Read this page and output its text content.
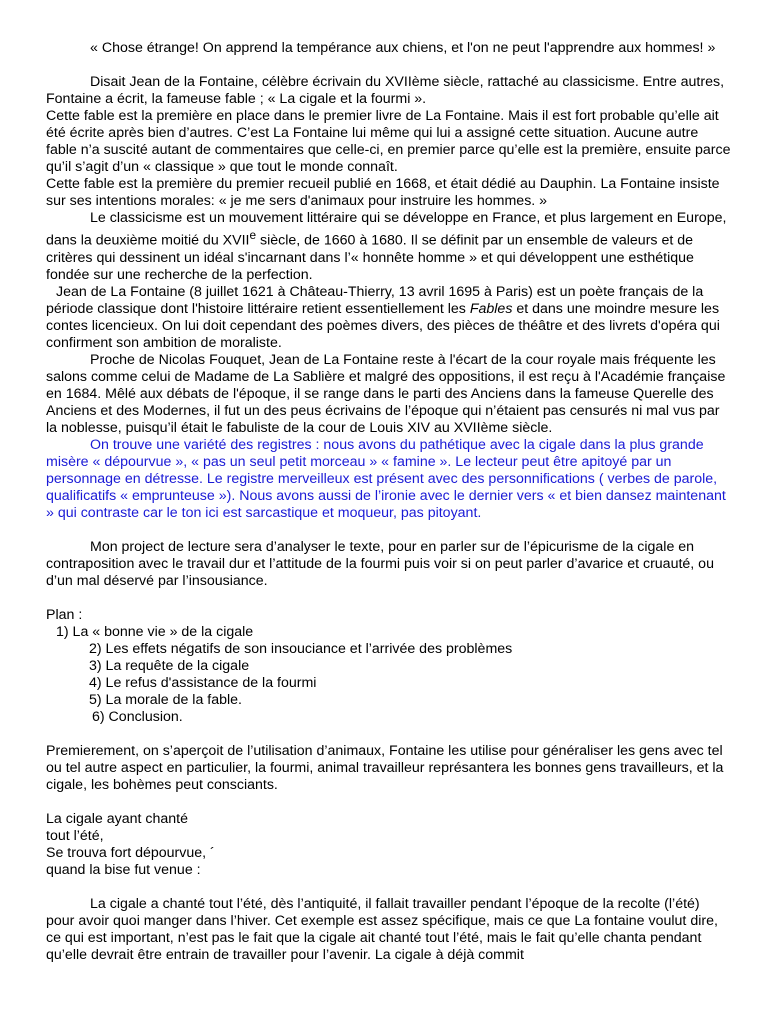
« Chose étrange! On apprend la tempérance aux chiens, et l'on ne peut l'apprendre aux hommes! »

Disait Jean de la Fontaine, célèbre écrivain du XVIIème siècle, rattaché au classicisme. Entre autres, Fontaine a écrit, la fameuse fable ; « La cigale et la fourmi ».

Cette fable est la première en place dans le premier livre de La Fontaine. Mais il est fort probable qu’elle ait été écrite après bien d’autres. C’est La Fontaine lui même qui lui a assigné cette situation. Aucune autre fable n’a suscité autant de commentaires que celle-ci, en premier parce qu’elle est la première, ensuite parce qu’il s’agit d’un « classique » que tout le monde connaît.

Cette fable est la première du premier recueil publié en 1668, et était dédié au Dauphin. La Fontaine insiste sur ses intentions morales: « je me sers d'animaux pour instruire les hommes. »

Le classicisme est un mouvement littéraire qui se développe en France, et plus largement en Europe, dans la deuxième moitié du XVIIe siècle, de 1660 à 1680. Il se définit par un ensemble de valeurs et de critères qui dessinent un idéal s'incarnant dans l’« honnête homme » et qui développent une esthétique fondée sur une recherche de la perfection.

Jean de La Fontaine (8 juillet 1621 à Château-Thierry, 13 avril 1695 à Paris) est un poète français de la période classique dont l'histoire littéraire retient essentiellement les Fables et dans une moindre mesure les contes licencieux. On lui doit cependant des poèmes divers, des pièces de théâtre et des livrets d'opéra qui confirment son ambition de moraliste.

Proche de Nicolas Fouquet, Jean de La Fontaine reste à l'écart de la cour royale mais fréquente les salons comme celui de Madame de La Sablière et malgré des oppositions, il est reçu à l'Académie française en 1684. Mêlé aux débats de l'époque, il se range dans le parti des Anciens dans la fameuse Querelle des Anciens et des Modernes, il fut un des peus écrivains de l’époque qui n’étaient pas censurés ni mal vus par la noblesse, puisqu’il était le fabuliste de la cour de Louis XIV au XVIIème siècle.

On trouve une variété des registres : nous avons du pathétique avec la cigale dans la plus grande misère « dépourvue », « pas un seul petit morceau » « famine ». Le lecteur peut être apitoyé par un personnage en détresse. Le registre merveilleux est présent avec des personnifications ( verbes de parole, qualificatifs « emprunteuse »). Nous avons aussi de l’ironie avec le dernier vers « et bien dansez maintenant » qui contraste car le ton ici est sarcastique et moqueur, pas pitoyant.

Mon project de lecture sera d’analyser le texte, pour en parler sur de l’épicurisme de la cigale en contraposition avec le travail dur et l’attitude de la fourmi puis voir si on peut parler d’avarice et cruauté, ou d’un mal déservé par l’insousiance.

Plan :

1) La « bonne vie » de la cigale

2) Les effets négatifs de son insouciance et l’arrivée des problèmes

3) La requête de la cigale

4) Le refus d'assistance de la fourmi

5) La morale de la fable.

6) Conclusion.

Premierement, on s’aperçoit de l’utilisation d’animaux, Fontaine les utilise pour généraliser les gens avec tel ou tel autre aspect en particulier, la fourmi, animal travailleur représantera les bonnes gens travailleurs, et la cigale, les bohèmes peut consciants.

La cigale ayant chanté
tout l’été,
Se trouva fort dépourvue, ´
quand la bise fut venue :

La cigale a chanté tout l’été, dès l’antiquité, il fallait travailler pendant l’époque de la recolte (l’été) pour avoir quoi manger dans l’hiver. Cet exemple est assez spécifique, mais ce que La fontaine voulut dire, ce qui est important, n’est pas le fait que la cigale ait chanté tout l’été, mais le fait qu’elle chanta pendant qu’elle devrait être entrain de travailler pour l’avenir. La cigale à déjà commit
